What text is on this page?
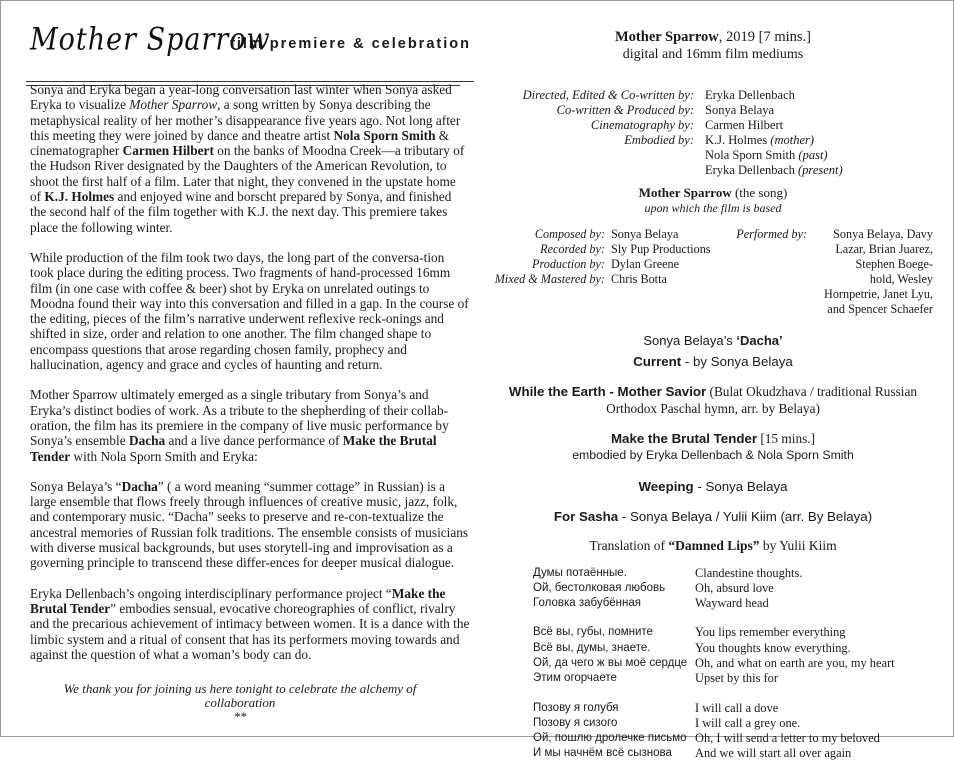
Mother Sparrow
film premiere & celebration

Sonya and Eryka began a year-long conversation last winter when Sonya asked Eryka to visualize Mother Sparrow, a song written by Sonya describing the metaphysical reality of her mother’s disappearance five years ago. Not long after this meeting they were joined by dance and theatre artist Nola Sporn Smith & cinematographer Carmen Hilbert on the banks of Moodna Creek—a tributary of the Hudson River designated by the Daughters of the American Revolution, to shoot the first half of a film. Later that night, they convened in the upstate home of K.J. Holmes and enjoyed wine and borscht prepared by Sonya, and finished the second half of the film together with K.J. the next day. This premiere takes place the following winter.

While production of the film took two days, the long part of the conversa-tion took place during the editing process. Two fragments of hand-processed 16mm film (in one case with coffee & beer) shot by Eryka on unrelated outings to Moodna found their way into this conversation and filled in a gap. In the course of the editing, pieces of the film’s narrative underwent reflexive reck-onings and shifted in size, order and relation to one another. The film changed shape to encompass questions that arose regarding chosen family, prophecy and hallucination, agency and grace and cycles of haunting and return.

Mother Sparrow ultimately emerged as a single tributary from Sonya’s and Eryka’s distinct bodies of work. As a tribute to the shepherding of their collab-oration, the film has its premiere in the company of live music performance by Sonya’s ensemble Dacha and a live dance performance of Make the Brutal Tender with Nola Sporn Smith and Eryka:

Sonya Belaya’s “Dacha” ( a word meaning “summer cottage” in Russian) is a large ensemble that flows freely through influences of creative music, jazz, folk, and contemporary music. “Dacha” seeks to preserve and re-con-textualize the ancestral memories of Russian folk traditions. The ensemble consists of musicians with diverse musical backgrounds, but uses storytell-ing and improvisation as a governing principle to transcend these differ-ences for deeper musical dialogue.

Eryka Dellenbach’s ongoing interdisciplinary performance project “Make the Brutal Tender” embodies sensual, evocative choreographies of conflict, rivalry and the precarious achievement of intimacy between women. It is a dance with the limbic system and a ritual of consent that has its performers moving towards and against the question of what a woman’s body can do.

We thank you for joining us here tonight to celebrate the alchemy of collaboration
**
Mother Sparrow, 2019 [7 mins.]
digital and 16mm film mediums
Directed, Edited & Co-written by: Eryka Dellenbach
Co-written & Produced by: Sonya Belaya
Cinematography by: Carmen Hilbert
Embodied by: K.J. Holmes (mother)
Nola Sporn Smith (past)
Eryka Dellenbach (present)
Mother Sparrow (the song)
upon which the film is based
Composed by:
Recorded by:
Production by:
Mixed & Mastered by:
Sonya Belaya
Sly Pup Productions
Dylan Greene
Chris Botta
Performed by:	Sonya Belaya, Davy
Lazar, Brian Juarez, Stephen Boege-
hold, Wesley Hornpetrie, Janet Lyu,
and Spencer Schaefer
Sonya Belaya’s ‘Dacha’
Current - by Sonya Belaya
While the Earth - Mother Savior (Bulat Okudzhava / traditional Russian Orthodox Paschal hymn, arr. by Belaya)
Make the Brutal Tender [15 mins.]
embodied by Eryka Dellenbach & Nola Sporn Smith
Weeping - Sonya Belaya
For Sasha - Sonya Belaya / Yulii Kiim (arr. By Belaya)
Translation of “Damned Lips” by Yulii Kiim
Думы потаённые.
Ой, бестолковая любовь
Головка забубённая
Всё вы, губы, помните
Всё вы, думы, знаете.
Ой, да чего ж вы моё сердце
Этим огорчаете
Позову я голубя
Позову я сизого
Ой, пошлю дролечке письмо
И мы начнём всё сызнова
Clandestine thoughts.
Oh, absurd love
Wayward head
You lips remember everything
You thoughts know everything.
Oh, and what on earth are you, my heart
Upset by this for
I will call a dove
I will call a grey one.
Oh, I will send a letter to my beloved
And we will start all over again
